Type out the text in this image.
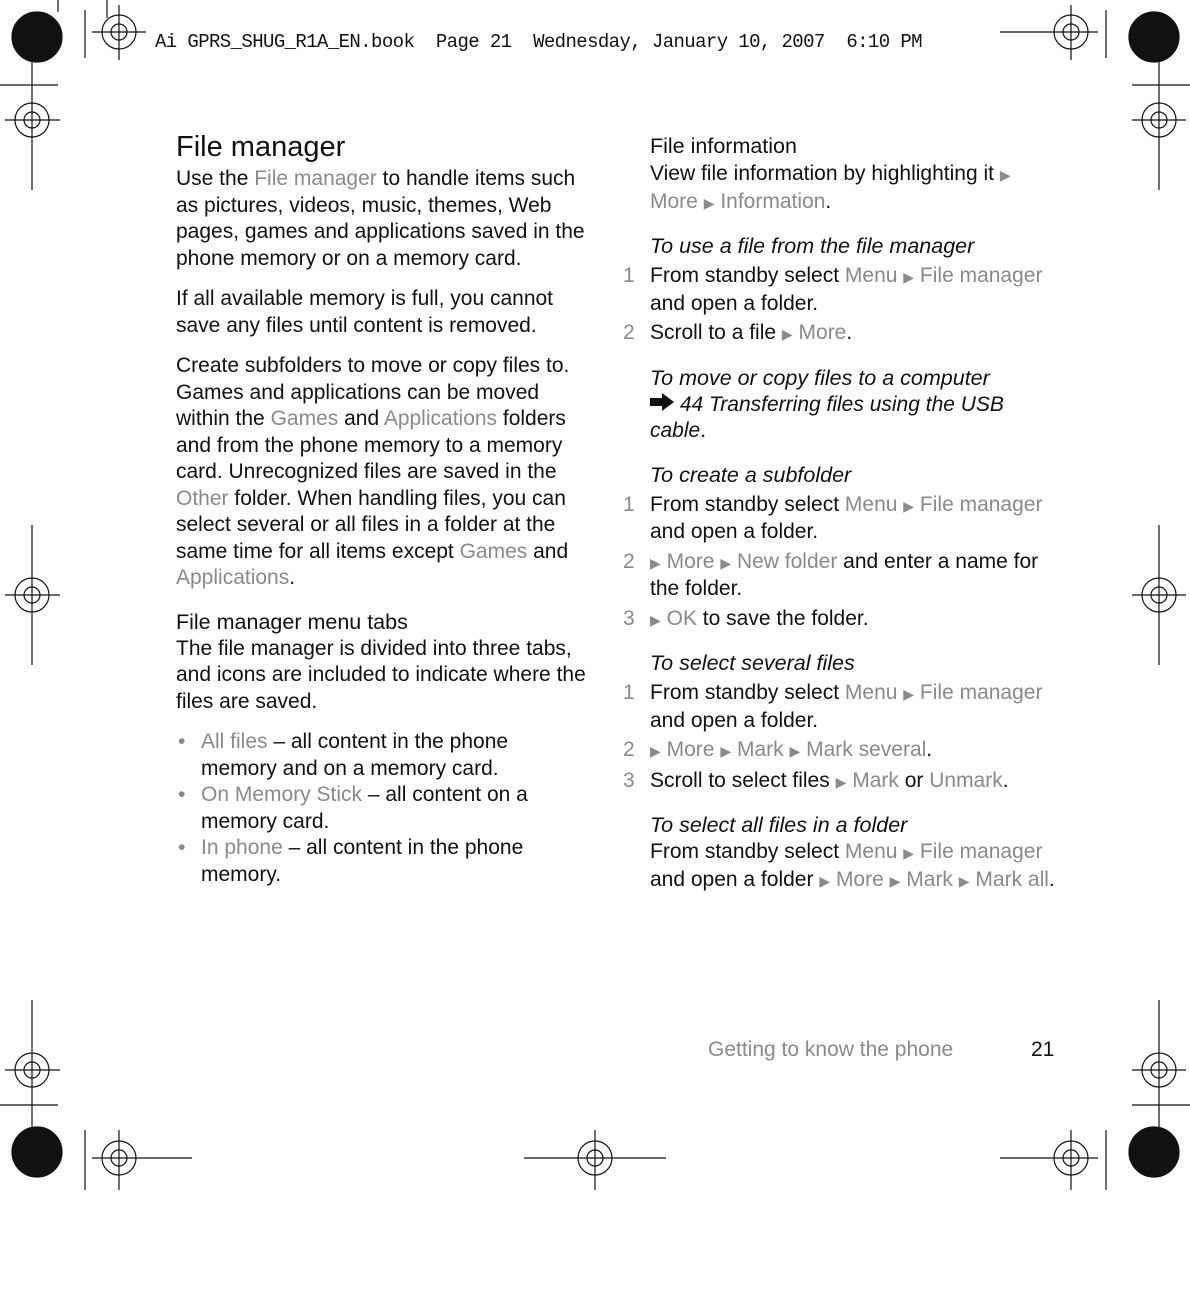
Ai GPRS_SHUG_R1A_EN.book  Page 21  Wednesday, January 10, 2007  6:10 PM

File manager

Use the File manager to handle items such as pictures, videos, music, themes, Web pages, games and applications saved in the phone memory or on a memory card.

If all available memory is full, you cannot save any files until content is removed.

Create subfolders to move or copy files to. Games and applications can be moved within the Games and Applications folders and from the phone memory to a memory card. Unrecognized files are saved in the Other folder. When handling files, you can select several or all files in a folder at the same time for all items except Games and Applications.

File manager menu tabs

The file manager is divided into three tabs, and icons are included to indicate where the files are saved.

• All files – all content in the phone memory and on a memory card.
• On Memory Stick – all content on a memory card.
• In phone – all content in the phone memory.

File information

View file information by highlighting it ▶ More ▶ Information.

To use a file from the file manager

1 From standby select Menu ▶ File manager and open a folder.
2 Scroll to a file ▶ More.

To move or copy files to a computer

44 Transferring files using the USB cable.

To create a subfolder

1 From standby select Menu ▶ File manager and open a folder.
2 ▶ More ▶ New folder and enter a name for the folder.
3 ▶ OK to save the folder.

To select several files

1 From standby select Menu ▶ File manager and open a folder.
2 ▶ More ▶ Mark ▶ Mark several.
3 Scroll to select files ▶ Mark or Unmark.

To select all files in a folder

From standby select Menu ▶ File manager and open a folder ▶ More ▶ Mark ▶ Mark all.

Getting to know the phone	21
